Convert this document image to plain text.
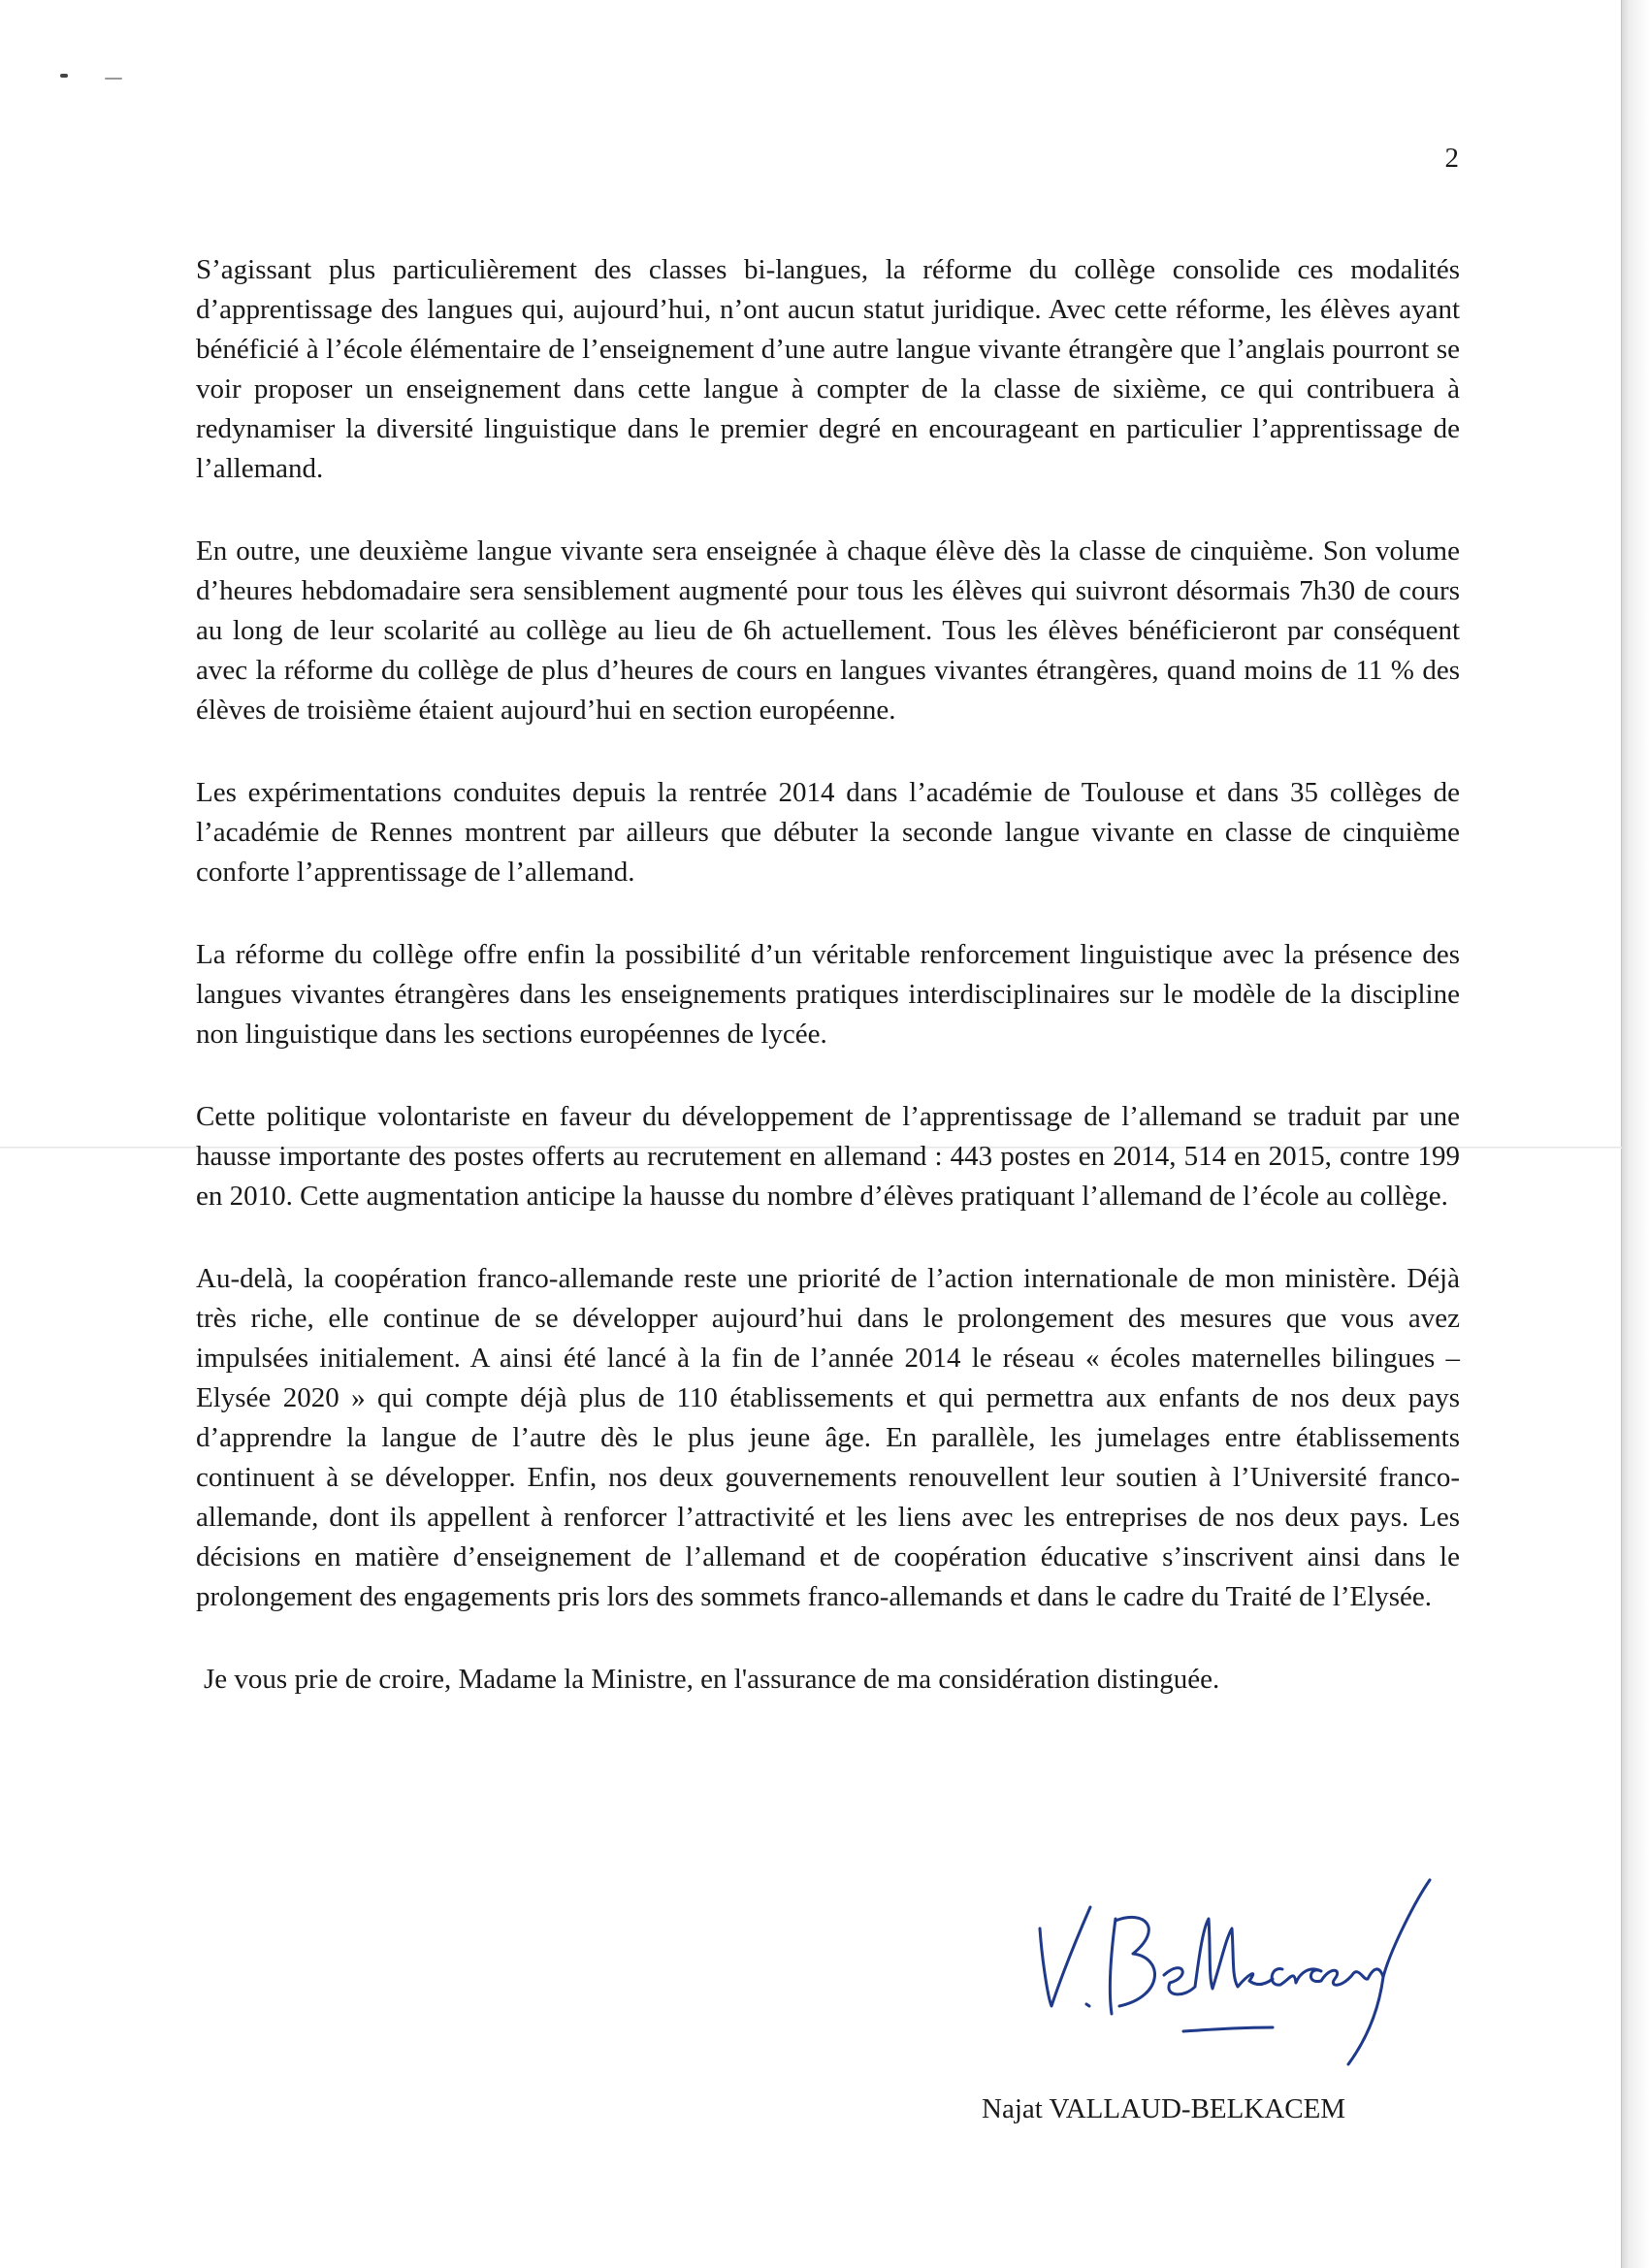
2

S’agissant plus particulièrement des classes bi-langues, la réforme du collège consolide ces modalités d’apprentissage des langues qui, aujourd’hui, n’ont aucun statut juridique. Avec cette réforme, les élèves ayant bénéficié à l’école élémentaire de l’enseignement d’une autre langue vivante étrangère que l’anglais pourront se voir proposer un enseignement dans cette langue à compter de la classe de sixième, ce qui contribuera à redynamiser la diversité linguistique dans le premier degré en encourageant en particulier l’apprentissage de l’allemand.

En outre, une deuxième langue vivante sera enseignée à chaque élève dès la classe de cinquième. Son volume d’heures hebdomadaire sera sensiblement augmenté pour tous les élèves qui suivront désormais 7h30 de cours au long de leur scolarité au collège au lieu de 6h actuellement. Tous les élèves bénéficieront par conséquent avec la réforme du collège de plus d’heures de cours en langues vivantes étrangères, quand moins de 11 % des élèves de troisième étaient aujourd’hui en section européenne.

Les expérimentations conduites depuis la rentrée 2014 dans l’académie de Toulouse et dans 35 collèges de l’académie de Rennes montrent par ailleurs que débuter la seconde langue vivante en classe de cinquième conforte l’apprentissage de l’allemand.

La réforme du collège offre enfin la possibilité d’un véritable renforcement linguistique avec la présence des langues vivantes étrangères dans les enseignements pratiques interdisciplinaires sur le modèle de la discipline non linguistique dans les sections européennes de lycée.

Cette politique volontariste en faveur du développement de l’apprentissage de l’allemand se traduit par une hausse importante des postes offerts au recrutement en allemand : 443 postes en 2014, 514 en 2015, contre 199 en 2010. Cette augmentation anticipe la hausse du nombre d’élèves pratiquant l’allemand de l’école au collège.

Au-delà, la coopération franco-allemande reste une priorité de l’action internationale de mon ministère. Déjà très riche, elle continue de se développer aujourd’hui dans le prolongement des mesures que vous avez impulsées initialement. A ainsi été lancé à la fin de l’année 2014 le réseau « écoles maternelles bilingues – Elysée 2020 » qui compte déjà plus de 110 établissements et qui permettra aux enfants de nos deux pays d’apprendre la langue de l’autre dès le plus jeune âge. En parallèle, les jumelages entre établissements continuent à se développer. Enfin, nos deux gouvernements renouvellent leur soutien à l’Université franco-allemande, dont ils appellent à renforcer l’attractivité et les liens avec les entreprises de nos deux pays. Les décisions en matière d’enseignement de l’allemand et de coopération éducative s’inscrivent ainsi dans le prolongement des engagements pris lors des sommets franco-allemands et dans le cadre du Traité de l’Elysée.

Je vous prie de croire, Madame la Ministre, en l'assurance de ma considération distinguée.

Najat VALLAUD-BELKACEM
